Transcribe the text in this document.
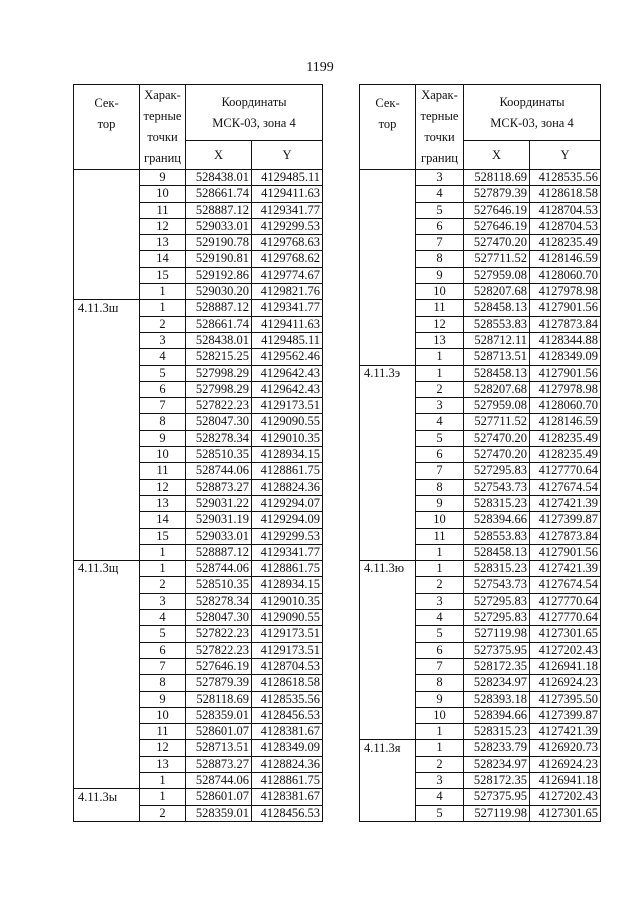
1199
Сек-
тор	Харак-
терные
точки
границ	Координаты
МСК-03, зона 4	
		X	Y
	9	528438.01	4129485.11
	10	528661.74	4129411.63
	11	528887.12	4129341.77
	12	529033.01	4129299.53
	13	529190.78	4129768.63
	14	529190.81	4129768.62
	15	529192.86	4129774.67
	1	529030.20	4129821.76
4.11.3ш	1	528887.12	4129341.77
	2	528661.74	4129411.63
	3	528438.01	4129485.11
	4	528215.25	4129562.46
	5	527998.29	4129642.43
	6	527998.29	4129642.43
	7	527822.23	4129173.51
	8	528047.30	4129090.55
	9	528278.34	4129010.35
	10	528510.35	4128934.15
	11	528744.06	4128861.75
	12	528873.27	4128824.36
	13	529031.22	4129294.07
	14	529031.19	4129294.09
	15	529033.01	4129299.53
	1	528887.12	4129341.77
4.11.3щ	1	528744.06	4128861.75
	2	528510.35	4128934.15
	3	528278.34	4129010.35
	4	528047.30	4129090.55
	5	527822.23	4129173.51
	6	527822.23	4129173.51
	7	527646.19	4128704.53
	8	527879.39	4128618.58
	9	528118.69	4128535.56
	10	528359.01	4128456.53
	11	528601.07	4128381.67
	12	528713.51	4128349.09
	13	528873.27	4128824.36
	1	528744.06	4128861.75
4.11.3ы	1	528601.07	4128381.67
	2	528359.01	4128456.53
Сек-
тор	Харак-
терные
точки
границ	Координаты
МСК-03, зона 4	
		X	Y
	3	528118.69	4128535.56
	4	527879.39	4128618.58
	5	527646.19	4128704.53
	6	527646.19	4128704.53
	7	527470.20	4128235.49
	8	527711.52	4128146.59
	9	527959.08	4128060.70
	10	528207.68	4127978.98
	11	528458.13	4127901.56
	12	528553.83	4127873.84
	13	528712.11	4128344.88
	1	528713.51	4128349.09
4.11.3э	1	528458.13	4127901.56
	2	528207.68	4127978.98
	3	527959.08	4128060.70
	4	527711.52	4128146.59
	5	527470.20	4128235.49
	6	527470.20	4128235.49
	7	527295.83	4127770.64
	8	527543.73	4127674.54
	9	528315.23	4127421.39
	10	528394.66	4127399.87
	11	528553.83	4127873.84
	1	528458.13	4127901.56
4.11.3ю	1	528315.23	4127421.39
	2	527543.73	4127674.54
	3	527295.83	4127770.64
	4	527295.83	4127770.64
	5	527119.98	4127301.65
	6	527375.95	4127202.43
	7	528172.35	4126941.18
	8	528234.97	4126924.23
	9	528393.18	4127395.50
	10	528394.66	4127399.87
	1	528315.23	4127421.39
4.11.3я	1	528233.79	4126920.73
	2	528234.97	4126924.23
	3	528172.35	4126941.18
	4	527375.95	4127202.43
	5	527119.98	4127301.65
